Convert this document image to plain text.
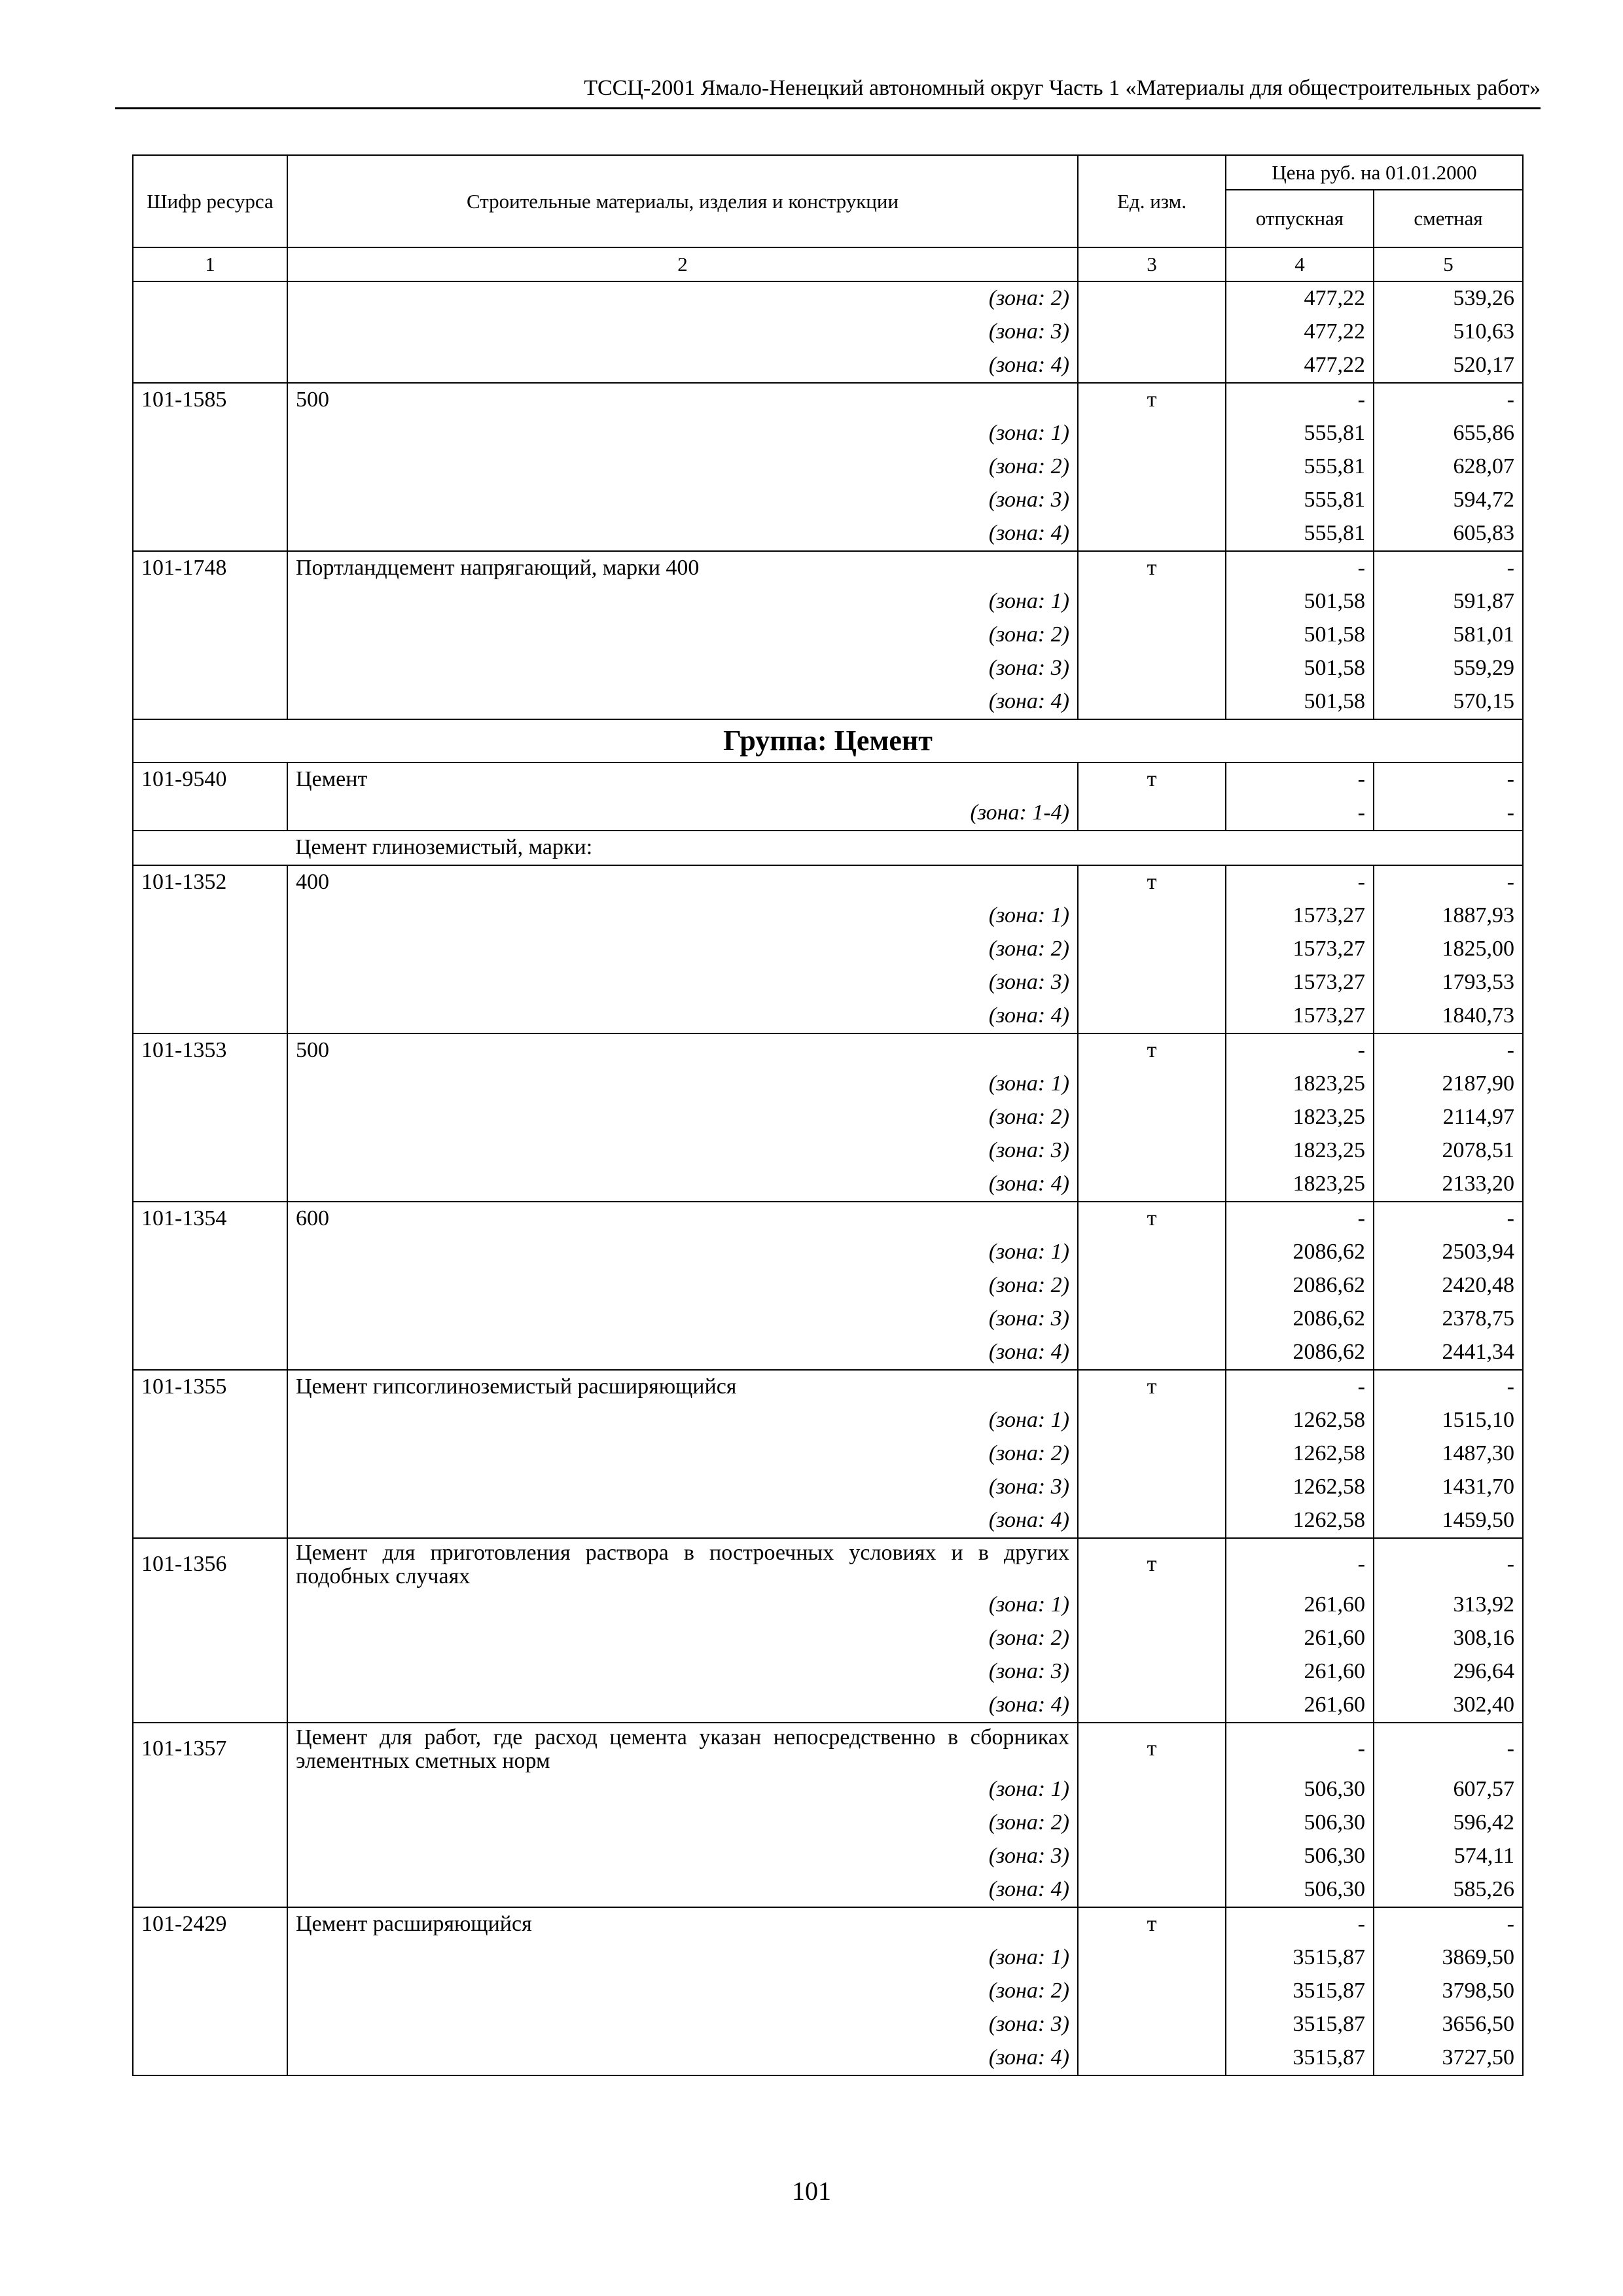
ТССЦ-2001 Ямало-Ненецкий автономный округ Часть 1 «Материалы для общестроительных работ»
Шифр ресурса	Строительные материалы, изделия и конструкции	Ед. изм.	Цена руб. на 01.01.2000	
			отпускная	сметная
1	2	3	4	5
	(зона: 2)		477,22	539,26
	(зона: 3)		477,22	510,63
	(зона: 4)		477,22	520,17
101-1585	500	т	-	-
	(зона: 1)		555,81	655,86
	(зона: 2)		555,81	628,07
	(зона: 3)		555,81	594,72
	(зона: 4)		555,81	605,83
101-1748	Портландцемент напрягающий, марки 400	т	-	-
	(зона: 1)		501,58	591,87
	(зона: 2)		501,58	581,01
	(зона: 3)		501,58	559,29
	(зона: 4)		501,58	570,15
Группа: Цемент				
101-9540	Цемент	т	-	-
	(зона: 1-4)		-	-
	Цемент глиноземистый, марки:			
101-1352	400	т	-	-
	(зона: 1)		1573,27	1887,93
	(зона: 2)		1573,27	1825,00
	(зона: 3)		1573,27	1793,53
	(зона: 4)		1573,27	1840,73
101-1353	500	т	-	-
	(зона: 1)		1823,25	2187,90
	(зона: 2)		1823,25	2114,97
	(зона: 3)		1823,25	2078,51
	(зона: 4)		1823,25	2133,20
101-1354	600	т	-	-
	(зона: 1)		2086,62	2503,94
	(зона: 2)		2086,62	2420,48
	(зона: 3)		2086,62	2378,75
	(зона: 4)		2086,62	2441,34
101-1355	Цемент гипсоглиноземистый расширяющийся	т	-	-
	(зона: 1)		1262,58	1515,10
	(зона: 2)		1262,58	1487,30
	(зона: 3)		1262,58	1431,70
	(зона: 4)		1262,58	1459,50
101-1356	Цемент для приготовления раствора в построечных условиях и в других подобных случаях	т	-	-
	(зона: 1)		261,60	313,92
	(зона: 2)		261,60	308,16
	(зона: 3)		261,60	296,64
	(зона: 4)		261,60	302,40
101-1357	Цемент для работ, где расход цемента указан непосредственно в сборниках элементных сметных норм	т	-	-
	(зона: 1)		506,30	607,57
	(зона: 2)		506,30	596,42
	(зона: 3)		506,30	574,11
	(зона: 4)		506,30	585,26
101-2429	Цемент расширяющийся	т	-	-
	(зона: 1)		3515,87	3869,50
	(зона: 2)		3515,87	3798,50
	(зона: 3)		3515,87	3656,50
	(зона: 4)		3515,87	3727,50
101
